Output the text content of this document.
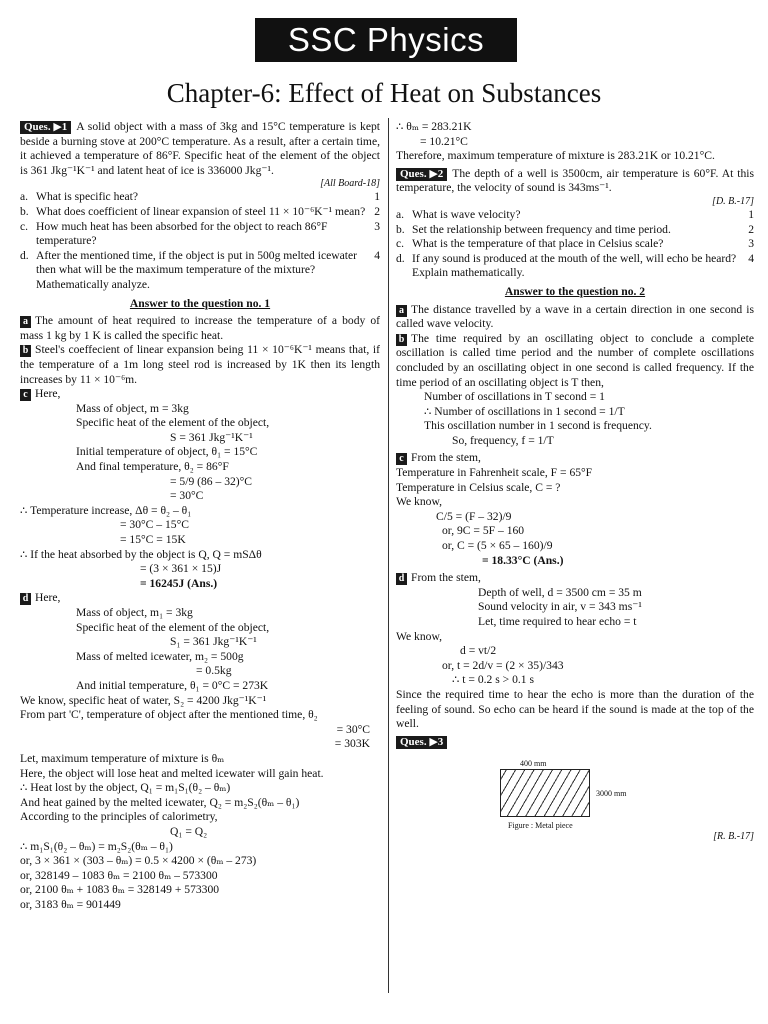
SSC Physics
Chapter-6: Effect of Heat on Substances

Ques. ▶1 A solid object with a mass of 3kg and 15°C temperature is kept beside a burning stove at 200°C temperature. As a result, after a certain time, it achieved a temperature of 86°F. Specific heat of the element of the object is 361 Jkg⁻¹K⁻¹ and latent heat of ice is 336000 Jkg⁻¹.

[All Board-18]
a. What is specific heat?	1
b. What does coefficient of linear expansion of steel 11 × 10⁻⁶K⁻¹ mean? 2
c. How much heat has been absorbed for the object to reach 86°F temperature?
3
d. After the mentioned time, if the object is put in 500g melted icewater then what will be the maximum temperature of the mixture? Mathematically analyze.
4
Answer to the question no. 1

a The amount of heat required to increase the temperature of a body of mass 1 kg by 1 K is called the specific heat.

b Steel's coeffecient of linear expansion being 11 × 10⁻⁶K⁻¹ means that, if the temperature of a 1m long steel rod is increased by 1K then its length increases by 11 × 10⁻⁶m.

c Here,
Mass of object, m = 3kg
Specific heat of the element of the object,
S = 361 Jkg⁻¹K⁻¹
Initial temperature of object, θ₁ = 15°C
And final temperature, θ₂ = 86°F
= 5/9 (86 – 32)°C
= 30°C
∴ Temperature increase, Δθ = θ₂ – θ₁
= 30°C – 15°C
= 15°C = 15K
∴ If the heat absorbed by the object is Q, Q = mSΔθ
= (3 × 361 × 15)J
= 16245J (Ans.)
d Here,
Mass of object, m₁ = 3kg
Specific heat of the element of the object,
S₁ = 361 Jkg⁻¹K⁻¹
Mass of melted icewater, m₂ = 500g
= 0.5kg
And initial temperature, θ₁ = 0°C = 273K
We know, specific heat of water, S₂ = 4200 Jkg⁻¹K⁻¹
From part 'C', temperature of object after the mentioned time, θ₂
= 30°C
= 303K
Let, maximum temperature of mixture is θₘ

Here, the object will lose heat and melted icewater will gain heat.

∴ Heat lost by the object, Q₁ = m₁S₁(θ₂ – θₘ)
And heat gained by the melted icewater, Q₂ = m₂S₂(θₘ – θ₁)
According to the principles of calorimetry,
Q₁ = Q₂
∴ m₁S₁(θ₂ – θₘ) = m₂S₂(θₘ – θ₁)
or, 3 × 361 × (303 – θₘ) = 0.5 × 4200 × (θₘ – 273)
or, 328149 – 1083 θₘ = 2100 θₘ – 573300
or, 2100 θₘ + 1083 θₘ = 328149 + 573300
or, 3183 θₘ = 901449
∴ θₘ = 283.21K
= 10.21°C

Therefore, maximum temperature of mixture is 283.21K or 10.21°C.

Ques. ▶2 The depth of a well is 3500cm, air temperature is 60°F. At this temperature, the velocity of sound is 343ms⁻¹.

[D. B.-17]
a. What is wave velocity?	1
b. Set the relationship between frequency and time period.	2
c. What is the temperature of that place in Celsius scale?	3
d. If any sound is produced at the mouth of the well, will echo be heard? Explain mathematically.
4
Answer to the question no. 2

a The distance travelled by a wave in a certain direction in one second is called wave velocity.

b The time required by an oscillating object to conclude a complete oscillation is called time period and the number of complete oscillations concluded by an oscillating object in one second is called frequency. If the time period of an oscillating object is T then,

Number of oscillations in T second = 1
∴ Number of oscillations in 1 second = 1/T
This oscillation number in 1 second is frequency.
So, frequency, f = 1/T
c From the stem,
Temperature in Fahrenheit scale, F = 65°F
Temperature in Celsius scale, C = ?
We know,
C/5 = (F – 32)/9
or, 9C = 5F – 160
or, C = (5 × 65 – 160)/9
= 18.33°C (Ans.)
d From the stem,
Depth of well, d = 3500 cm = 35 m
Sound velocity in air, v = 343 ms⁻¹
Let, time required to hear echo = t
We know,
d = vt/2
or, t = 2d/v = (2 × 35)/343
∴ t = 0.2 s > 0.1 s

Since the required time to hear the echo is more than the duration of the feeling of sound. So echo can be heard if the sound is made at the top of the well.

Ques. ▶3
400 mm
3000 mm
Figure : Metal piece
[R. B.-17]
